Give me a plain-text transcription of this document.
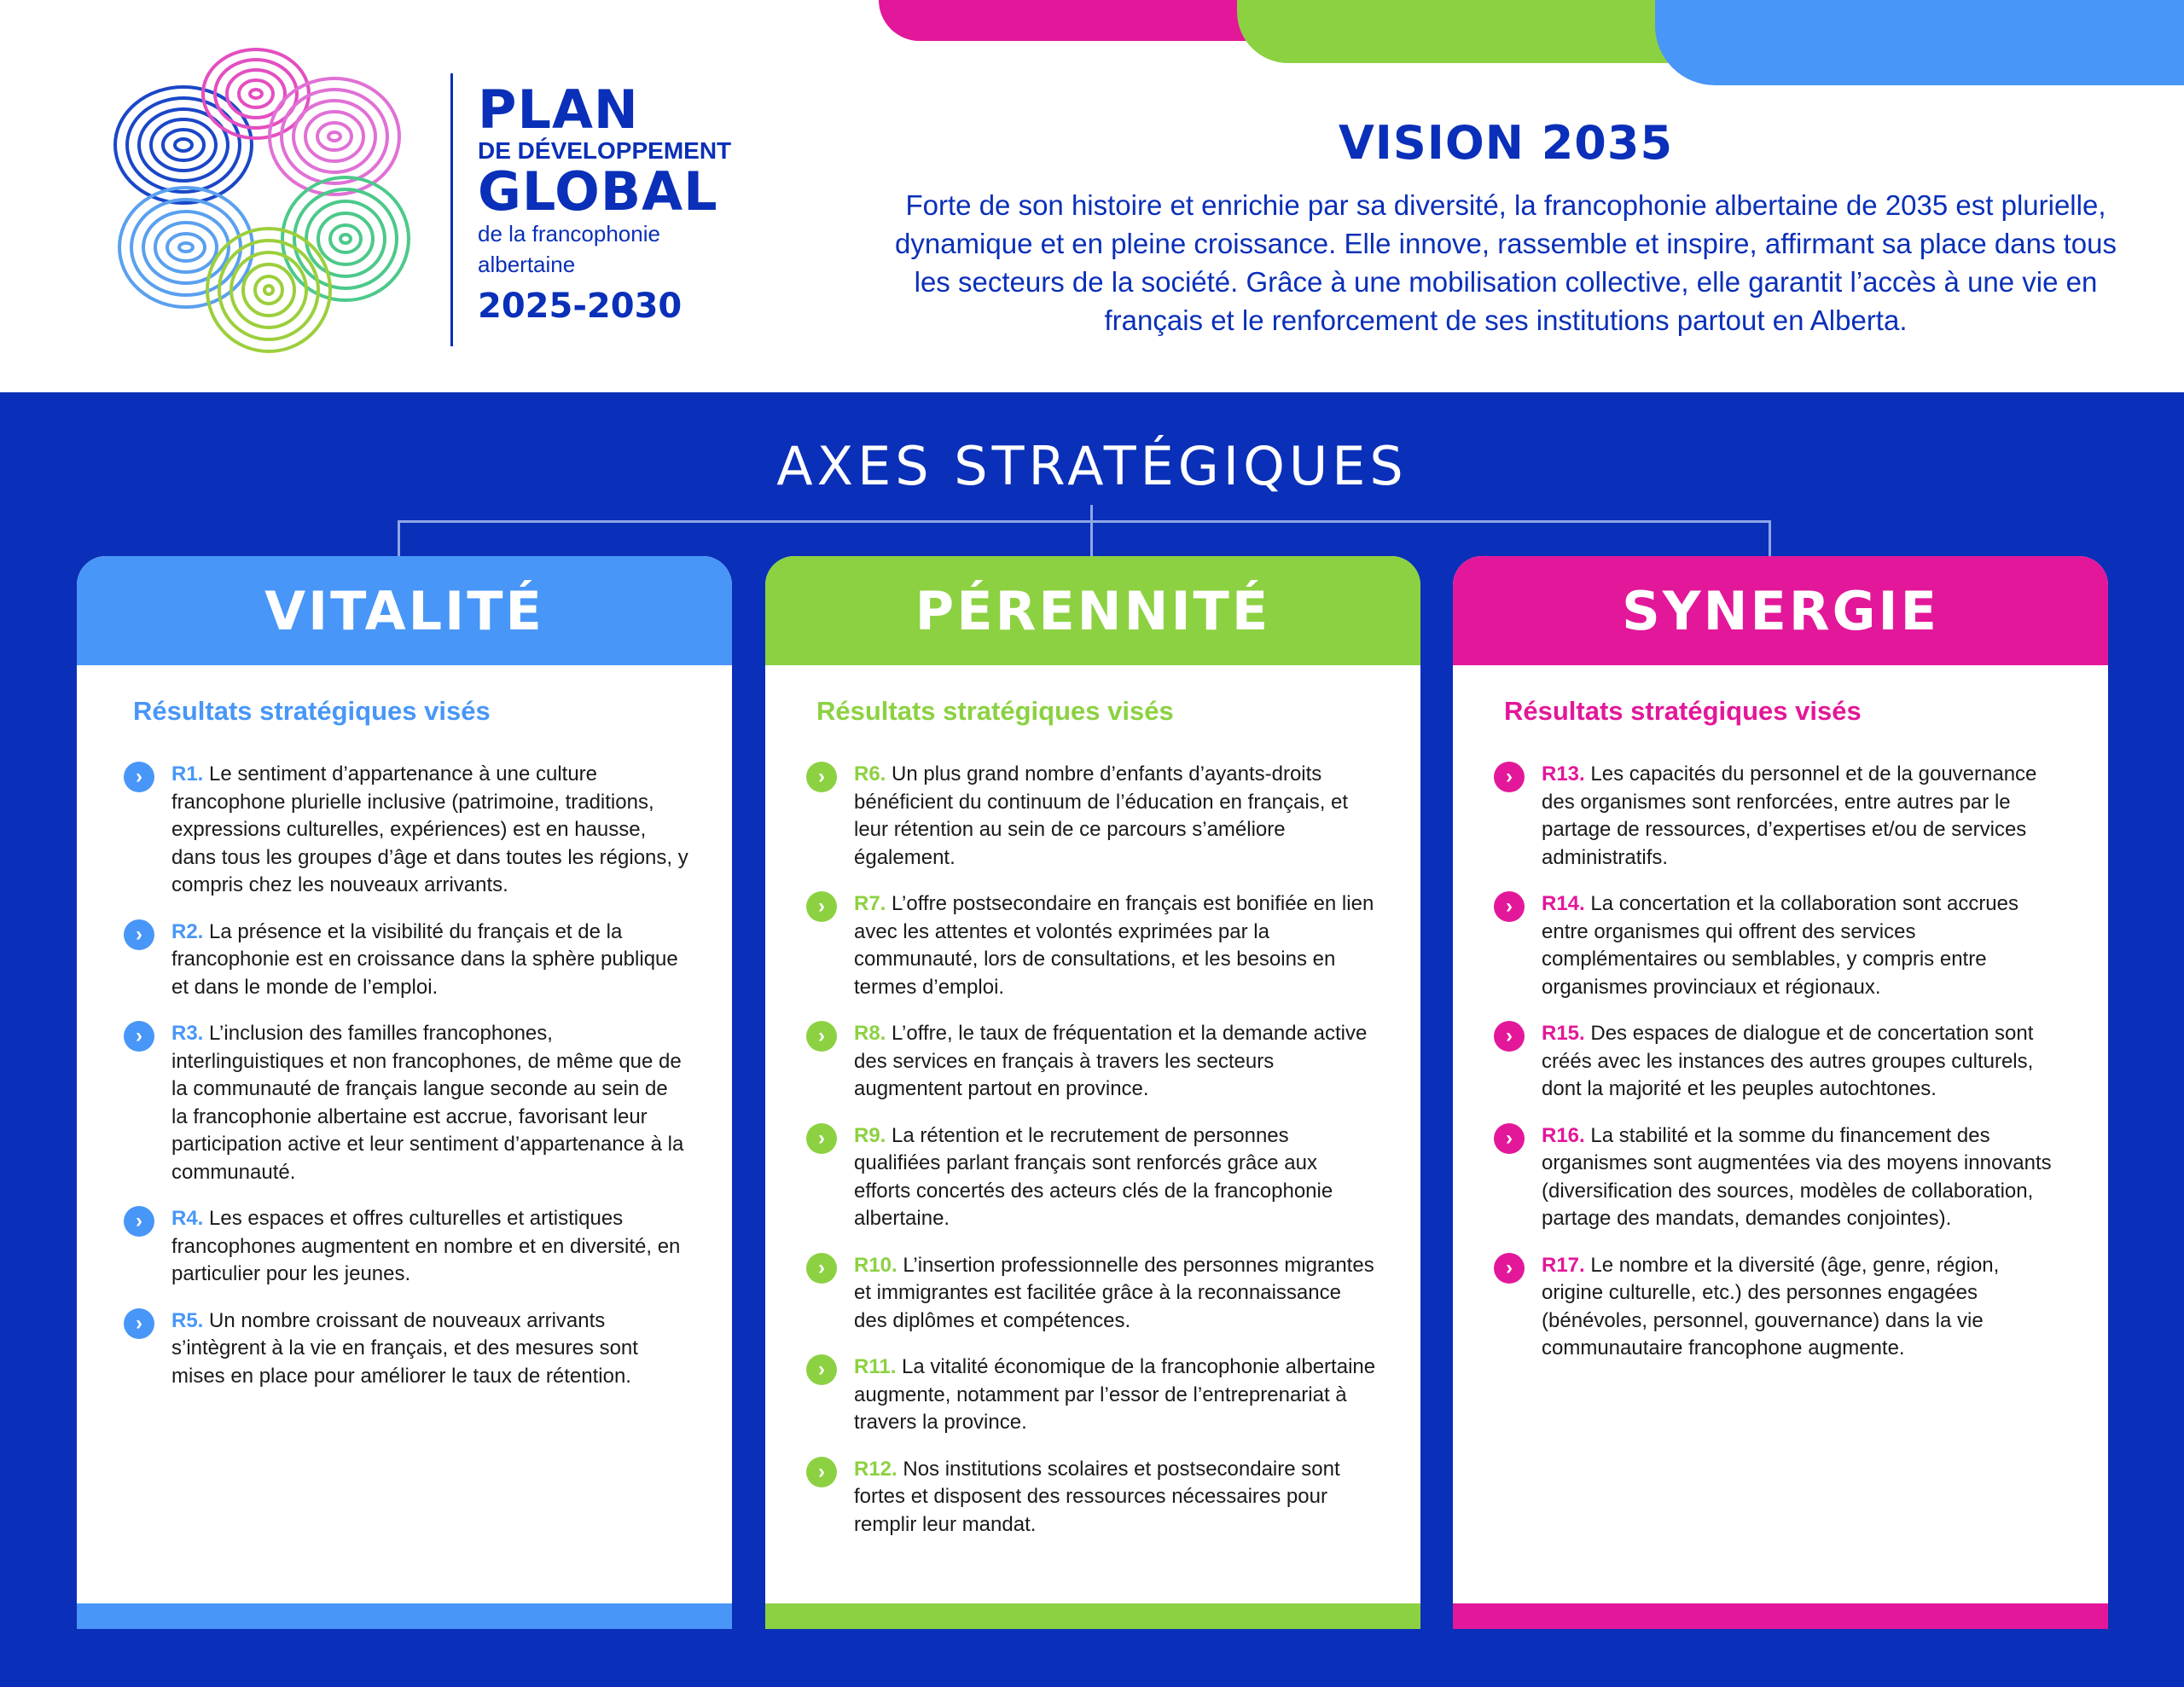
PLAN
DE DÉVELOPPEMENT
GLOBAL
de la francophonie
albertaine
2025-2030
VISION 2035
Forte de son histoire et enrichie par sa diversité, la francophonie albertaine de 2035 est plurielle, dynamique et en pleine croissance. Elle innove, rassemble et inspire, affirmant sa place dans tous les secteurs de la société. Grâce à une mobilisation collective, elle garantit l’accès à une vie en français et le renforcement de ses institutions partout en Alberta.
AXES STRATÉGIQUES
VITALITÉ
Résultats stratégiques visés
›	R1. Le sentiment d’appartenance à une culture francophone plurielle inclusive (patrimoine, traditions, expressions culturelles, expériences) est en hausse, dans tous les groupes d’âge et dans toutes les régions, y compris chez les nouveaux arrivants.
›	R2. La présence et la visibilité du français et de la francophonie est en croissance dans la sphère publique et dans le monde de l’emploi.
›	R3. L’inclusion des familles francophones, interlinguistiques et non francophones, de même que de la communauté de français langue seconde au sein de la francophonie albertaine est accrue, favorisant leur participation active et leur sentiment d’appartenance à la communauté.
›	R4. Les espaces et offres culturelles et artistiques francophones augmentent en nombre et en diversité, en particulier pour les jeunes.
›	R5. Un nombre croissant de nouveaux arrivants s’intègrent à la vie en français, et des mesures sont mises en place pour améliorer le taux de rétention.
PÉRENNITÉ
Résultats stratégiques visés
›	R6. Un plus grand nombre d’enfants d’ayants-droits bénéficient du continuum de l’éducation en français, et leur rétention au sein de ce parcours s’améliore également.
›	R7. L’offre postsecondaire en français est bonifiée en lien avec les attentes et volontés exprimées par la communauté, lors de consultations, et les besoins en termes d’emploi.
›	R8. L’offre, le taux de fréquentation et la demande active des services en français à travers les secteurs augmentent partout en province.
›	R9. La rétention et le recrutement de personnes qualifiées parlant français sont renforcés grâce aux efforts concertés des acteurs clés de la francophonie albertaine.
›	R10. L’insertion professionnelle des personnes migrantes et immigrantes est facilitée grâce à la reconnaissance des diplômes et compétences.
›	R11. La vitalité économique de la francophonie albertaine augmente, notamment par l’essor de l’entreprenariat à travers la province.
›	R12. Nos institutions scolaires et postsecondaire sont fortes et disposent des ressources nécessaires pour remplir leur mandat.
SYNERGIE
Résultats stratégiques visés
›	R13. Les capacités du personnel et de la gouvernance des organismes sont renforcées, entre autres par le partage de ressources, d’expertises et/ou de services administratifs.
›	R14. La concertation et la collaboration sont accrues entre organismes qui offrent des services complémentaires ou semblables, y compris entre organismes provinciaux et régionaux.
›	R15. Des espaces de dialogue et de concertation sont créés avec les instances des autres groupes culturels, dont la majorité et les peuples autochtones.
›	R16. La stabilité et la somme du financement des organismes sont augmentées via des moyens innovants (diversification des sources, modèles de collaboration, partage des mandats, demandes conjointes).
›	R17. Le nombre et la diversité (âge, genre, région, origine culturelle, etc.) des personnes engagées (bénévoles, personnel, gouvernance) dans la vie communautaire francophone augmente.
